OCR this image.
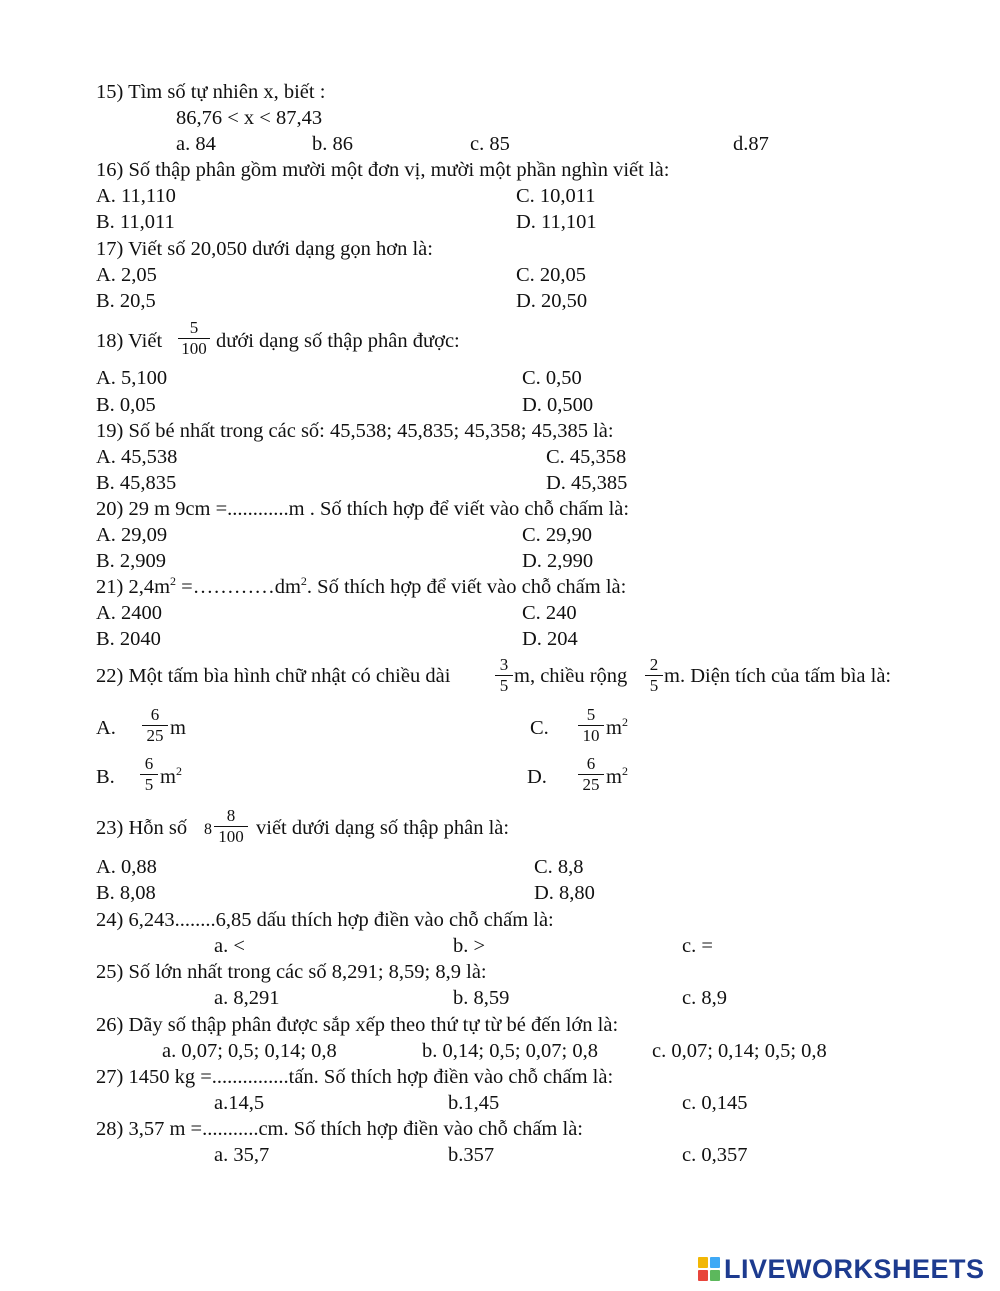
15) Tìm số tự nhiên x, biết :
86,76 < x < 87,43
a. 84	b. 86	c. 85	d.87
16) Số thập phân gồm mười một đơn vị, mười một phần nghìn viết là:
A. 11,110	C. 10,011
B. 11,011	D. 11,101
17) Viết số 20,050 dưới dạng gọn hơn là:
A. 2,05	C. 20,05
B. 20,5	D. 20,50
18) Viết $\frac{5}{100}$ dưới dạng số thập phân được:
A. 5,100	C. 0,50
B. 0,05	D. 0,500
19) Số bé nhất trong các số: 45,538; 45,835; 45,358; 45,385 là:
A. 45,538	C. 45,358
B. 45,835	D. 45,385
20) 29 m 9cm =............m . Số thích hợp để viết vào chỗ chấm là:
A. 29,09	C. 29,90
B. 2,909	D. 2,990
21) $2,4m^2$ $=\dots\dots\dots\dots dm^2$. Số thích hợp để viết vào chỗ chấm là:
A. 2400	C. 240
B. 2040	D. 204
22) Một tấm bìa hình chữ nhật có chiều dài	$\frac{3}{5} m$, chiều rộng $\frac{2}{5} m$. Diện tích của tấm bìa là:
A. $\frac{6}{25}$ m	C. $\frac{5}{10} m^2$
B. $\frac{6}{5} m^2$	D. $\frac{6}{25} m^2$
23) Hỗn số $8 \frac{8}{100}$ viết dưới dạng số thập phân là:
A. 0,88	C. 8,8
B. 8,08	D. 8,80
24) 6,243........6,85 dấu thích hợp điền vào chỗ chấm là:
a. <	b. >	c. =
25) Số lớn nhất trong các số 8,291; 8,59; 8,9 là:
a. 8,291	b. 8,59	c. 8,9
26) Dãy số thập phân được sắp xếp theo thứ tự từ bé đến lớn là:
a. 0,07; 0,5; 0,14; 0,8	b. 0,14; 0,5; 0,07; 0,8	c. 0,07; 0,14; 0,5; 0,8
27) 1450 kg =...............tấn. Số thích hợp điền vào chỗ chấm là:
a.14,5	b.1,45	c. 0,145
28) 3,57 m =...........cm. Số thích hợp điền vào chỗ chấm là:
a. 35,7	b.357	c. 0,357
LIVEWORKSHEETS
